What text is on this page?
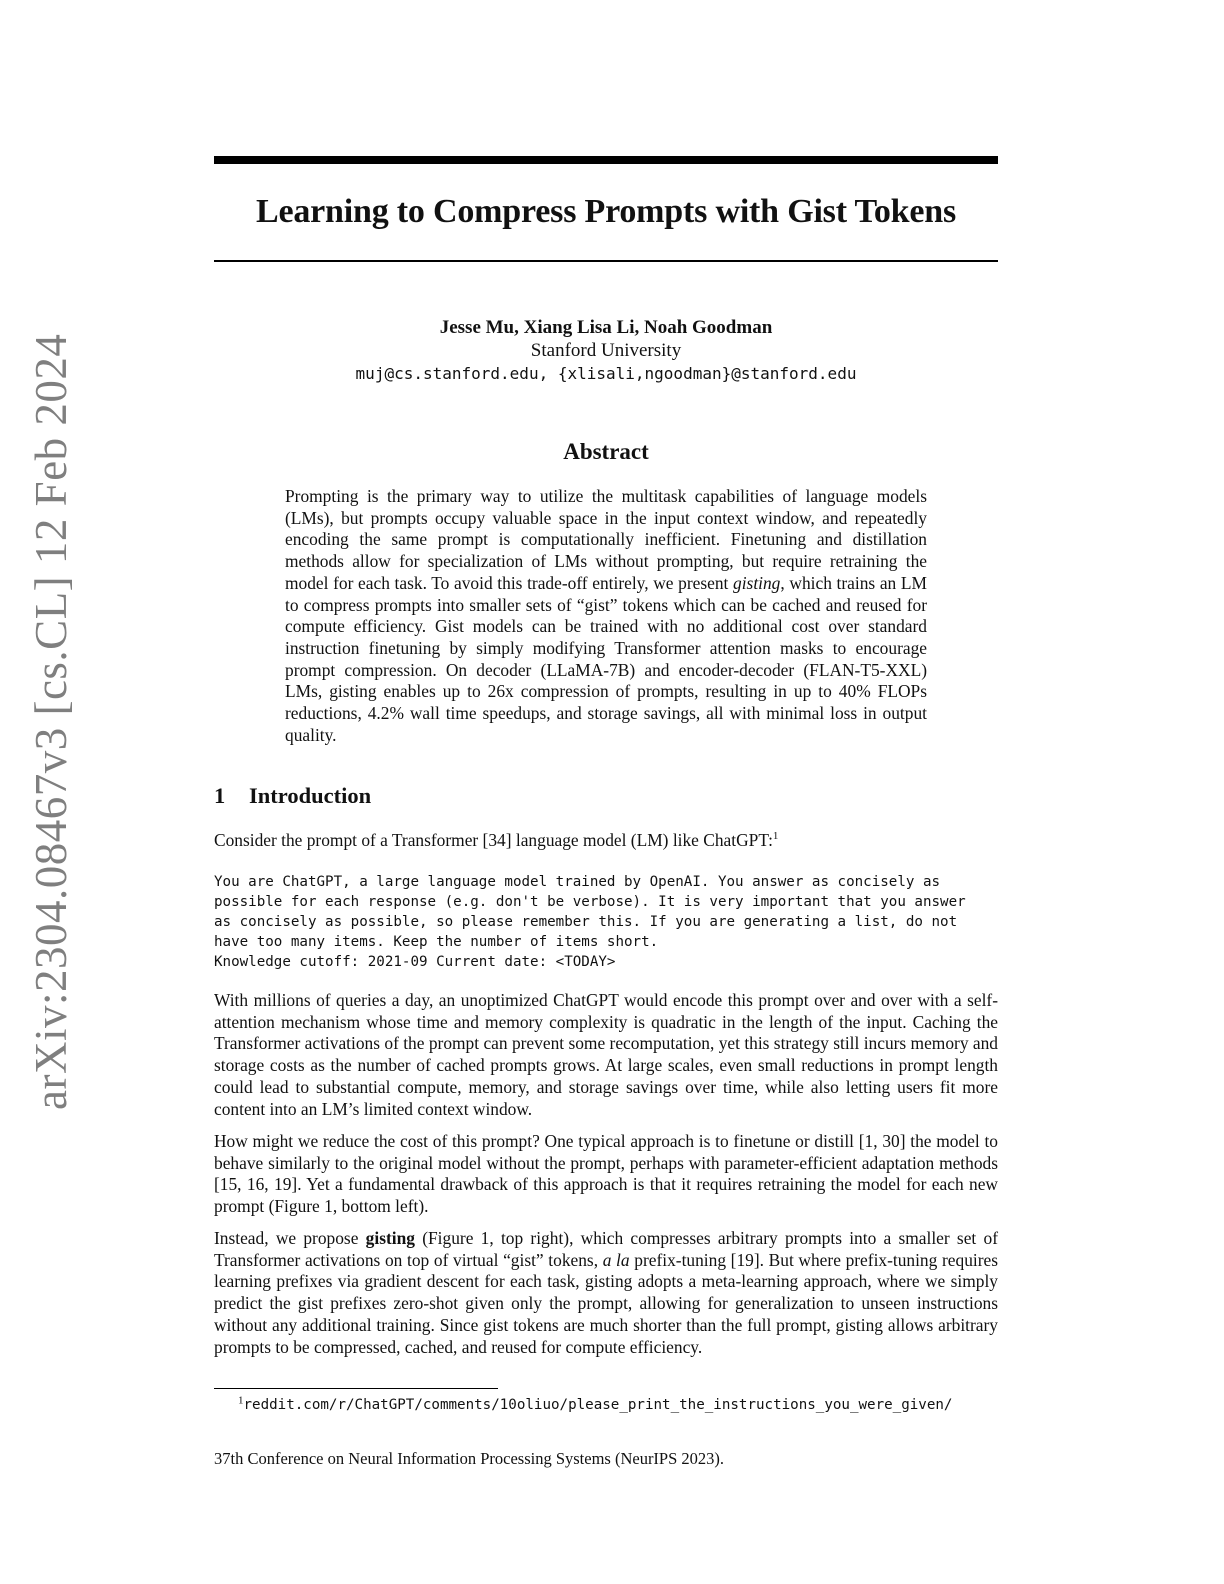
arXiv:2304.08467v3 [cs.CL] 12 Feb 2024
Learning to Compress Prompts with Gist Tokens
Jesse Mu, Xiang Lisa Li, Noah Goodman
Stanford University
muj@cs.stanford.edu, {xlisali,ngoodman}@stanford.edu
Abstract
Prompting is the primary way to utilize the multitask capabilities of language models (LMs), but prompts occupy valuable space in the input context window, and repeatedly encoding the same prompt is computationally inefficient. Finetuning and distillation methods allow for specialization of LMs without prompting, but require retraining the model for each task. To avoid this trade-off entirely, we present gisting, which trains an LM to compress prompts into smaller sets of “gist” tokens which can be cached and reused for compute efficiency. Gist models can be trained with no additional cost over standard instruction finetuning by simply modifying Transformer attention masks to encourage prompt compression. On decoder (LLaMA-7B) and encoder-decoder (FLAN-T5-XXL) LMs, gisting enables up to 26x compression of prompts, resulting in up to 40% FLOPs reductions, 4.2% wall time speedups, and storage savings, all with minimal loss in output quality.
1 Introduction
Consider the prompt of a Transformer [34] language model (LM) like ChatGPT:$^1$
You are ChatGPT, a large language model trained by OpenAI. You answer as concisely as
possible for each response (e.g. don't be verbose). It is very important that you answer
as concisely as possible, so please remember this. If you are generating a list, do not
have too many items. Keep the number of items short.
Knowledge cutoff: 2021-09 Current date: <TODAY>
With millions of queries a day, an unoptimized ChatGPT would encode this prompt over and over with a self-attention mechanism whose time and memory complexity is quadratic in the length of the input. Caching the Transformer activations of the prompt can prevent some recomputation, yet this strategy still incurs memory and storage costs as the number of cached prompts grows. At large scales, even small reductions in prompt length could lead to substantial compute, memory, and storage savings over time, while also letting users fit more content into an LM’s limited context window.
How might we reduce the cost of this prompt? One typical approach is to finetune or distill [1, 30] the model to behave similarly to the original model without the prompt, perhaps with parameter-efficient adaptation methods [15, 16, 19]. Yet a fundamental drawback of this approach is that it requires retraining the model for each new prompt (Figure 1, bottom left).
Instead, we propose gisting (Figure 1, top right), which compresses arbitrary prompts into a smaller set of Transformer activations on top of virtual “gist” tokens, a la prefix-tuning [19]. But where prefix-tuning requires learning prefixes via gradient descent for each task, gisting adopts a meta-learning approach, where we simply predict the gist prefixes zero-shot given only the prompt, allowing for generalization to unseen instructions without any additional training. Since gist tokens are much shorter than the full prompt, gisting allows arbitrary prompts to be compressed, cached, and reused for compute efficiency.
$^1$reddit.com/r/ChatGPT/comments/10oliuo/please_print_the_instructions_you_were_given/
37th Conference on Neural Information Processing Systems (NeurIPS 2023).
